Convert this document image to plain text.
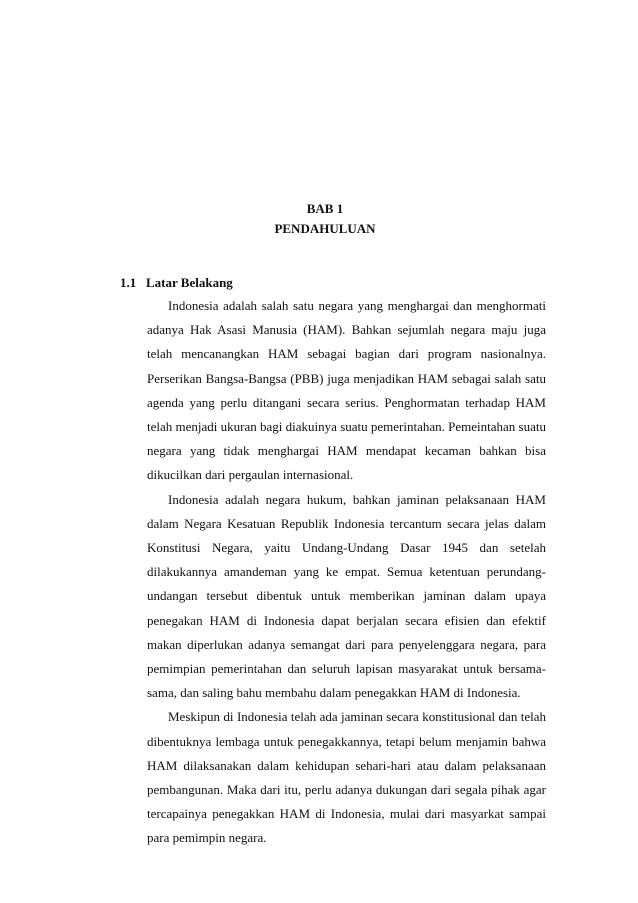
BAB 1
PENDAHULUAN
1.1 Latar Belakang

Indonesia adalah salah satu negara yang menghargai dan menghormati adanya Hak Asasi Manusia (HAM). Bahkan sejumlah negara maju juga telah mencanangkan HAM sebagai bagian dari program nasionalnya. Perserikan Bangsa-Bangsa (PBB) juga menjadikan HAM sebagai salah satu agenda yang perlu ditangani secara serius. Penghormatan terhadap HAM telah menjadi ukuran bagi diakuinya suatu pemerintahan. Pemeintahan suatu negara yang tidak menghargai HAM mendapat kecaman bahkan bisa dikucilkan dari pergaulan internasional.

Indonesia adalah negara hukum, bahkan jaminan pelaksanaan HAM dalam Negara Kesatuan Republik Indonesia tercantum secara jelas dalam Konstitusi Negara, yaitu Undang-Undang Dasar 1945 dan setelah dilakukannya amandeman yang ke empat. Semua ketentuan perundang-undangan tersebut dibentuk untuk memberikan jaminan dalam upaya penegakan HAM di Indonesia dapat berjalan secara efisien dan efektif makan diperlukan adanya semangat dari para penyelenggara negara, para pemimpian pemerintahan dan seluruh lapisan masyarakat untuk bersama-sama, dan saling bahu membahu dalam penegakkan HAM di Indonesia.

Meskipun di Indonesia telah ada jaminan secara konstitusional dan telah dibentuknya lembaga untuk penegakkannya, tetapi belum menjamin bahwa HAM dilaksanakan dalam kehidupan sehari-hari atau dalam pelaksanaan pembangunan. Maka dari itu, perlu adanya dukungan dari segala pihak agar tercapainya penegakkan HAM di Indonesia, mulai dari masyarkat sampai para pemimpin negara.
